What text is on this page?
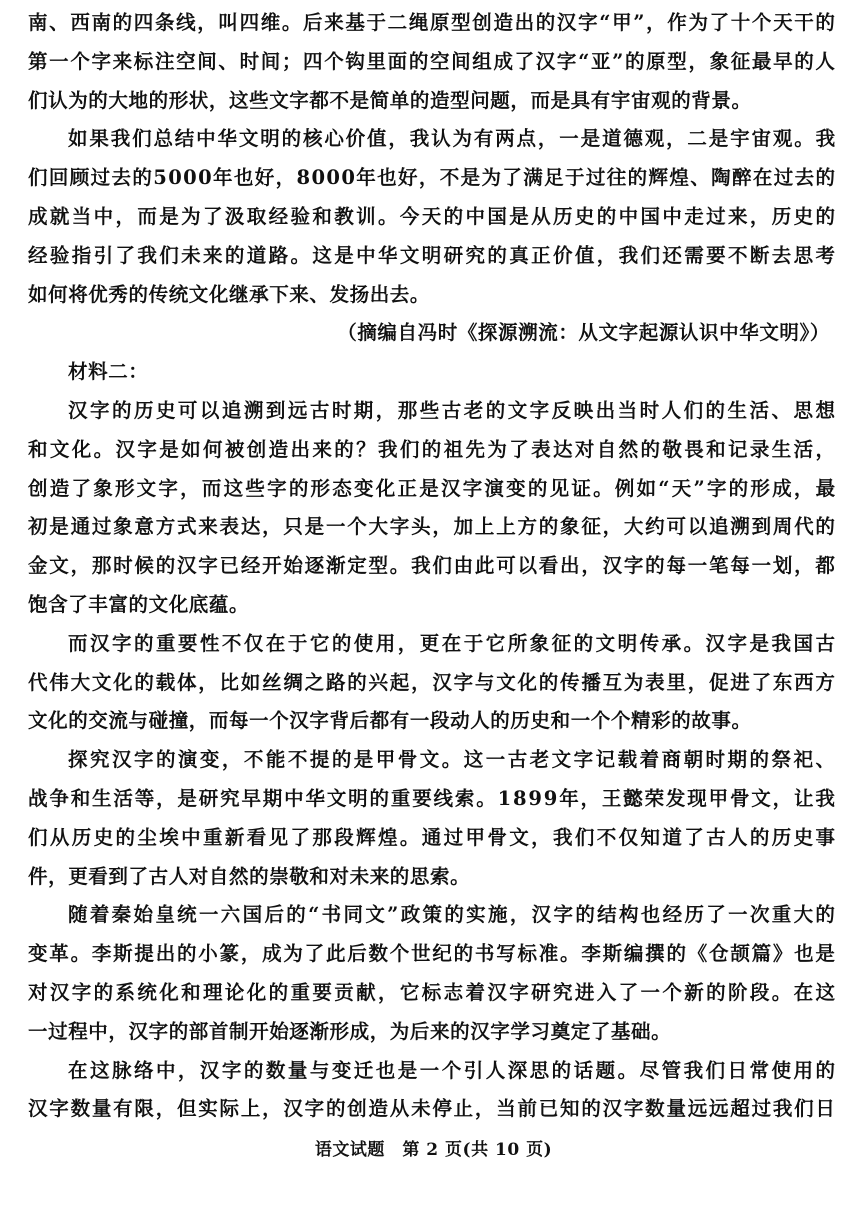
南 、 西 南 的 四 条 线 ， 叫 四 维 。 后 来 基 于 二 绳 原 型 创 造 出 的 汉 字 “ 甲 ” ， 作 为 了 十 个 天 干 的
第 一 个 字 来 标 注 空 间 、 时 间 ； 四 个 钩 里 面 的 空 间 组 成 了 汉 字 “ 亚 ” 的 原 型 ， 象 征 最 早 的 人
们认为的大地的形状，这些文字都不是简单的造型问题，而是具有宇宙观的背景。
如 果 我 们 总 结 中 华 文 明 的 核 心 价 值 ， 我 认 为 有 两 点 ， 一 是 道 德 观 ， 二 是 宇 宙 观 。 我
们 回 顾 过 去 的 5 0 0 0 年 也 好 ， 8 0 0 0 年 也 好 ， 不 是 为 了 满 足 于 过 往 的 辉 煌 、 陶 醉 在 过 去 的
成 就 当 中 ， 而 是 为 了 汲 取 经 验 和 教 训 。 今 天 的 中 国 是 从 历 史 的 中 国 中 走 过 来 ， 历 史 的
经 验 指 引 了 我 们 未 来 的 道 路 。 这 是 中 华 文 明 研 究 的 真 正 价 值 ， 我 们 还 需 要 不 断 去 思 考
如何将优秀的传统文化继承下来、发扬出去。
（摘编自冯时《探源溯流：从文字起源认识中华文明》）
材料二：
汉 字 的 历 史 可 以 追 溯 到 远 古 时 期 ， 那 些 古 老 的 文 字 反 映 出 当 时 人 们 的 生 活 、 思 想
和 文 化 。 汉 字 是 如 何 被 创 造 出 来 的 ？ 我 们 的 祖 先 为 了 表 达 对 自 然 的 敬 畏 和 记 录 生 活 ，
创 造 了 象 形 文 字 ， 而 这 些 字 的 形 态 变 化 正 是 汉 字 演 变 的 见 证 。 例 如 “ 天 ” 字 的 形 成 ， 最
初 是 通 过 象 意 方 式 来 表 达 ， 只 是 一 个 大 字 头 ， 加 上 上 方 的 象 征 ， 大 约 可 以 追 溯 到 周 代 的
金 文 ， 那 时 候 的 汉 字 已 经 开 始 逐 渐 定 型 。 我 们 由 此 可 以 看 出 ， 汉 字 的 每 一 笔 每 一 划 ， 都
饱含了丰富的文化底蕴。
而 汉 字 的 重 要 性 不 仅 在 于 它 的 使 用 ， 更 在 于 它 所 象 征 的 文 明 传 承 。 汉 字 是 我 国 古
代 伟 大 文 化 的 载 体 ， 比 如 丝 绸 之 路 的 兴 起 ， 汉 字 与 文 化 的 传 播 互 为 表 里 ， 促 进 了 东 西 方
文化的交流与碰撞，而每一个汉字背后都有一段动人的历史和一个个精彩的故事。
探 究 汉 字 的 演 变 ， 不 能 不 提 的 是 甲 骨 文 。 这 一 古 老 文 字 记 载 着 商 朝 时 期 的 祭 祀 、
战 争 和 生 活 等 ， 是 研 究 早 期 中 华 文 明 的 重 要 线 索 。 1 8 9 9 年 ， 王 懿 荣 发 现 甲 骨 文 ， 让 我
们 从 历 史 的 尘 埃 中 重 新 看 见 了 那 段 辉 煌 。 通 过 甲 骨 文 ， 我 们 不 仅 知 道 了 古 人 的 历 史 事
件，更看到了古人对自然的崇敬和对未来的思索。
随 着 秦 始 皇 统 一 六 国 后 的 “ 书 同 文 ” 政 策 的 实 施 ， 汉 字 的 结 构 也 经 历 了 一 次 重 大 的
变 革 。 李 斯 提 出 的 小 篆 ， 成 为 了 此 后 数 个 世 纪 的 书 写 标 准 。 李 斯 编 撰 的 《 仓 颉 篇 》 也 是
对 汉 字 的 系 统 化 和 理 论 化 的 重 要 贡 献 ， 它 标 志 着 汉 字 研 究 进 入 了 一 个 新 的 阶 段 。 在 这
一过程中，汉字的部首制开始逐渐形成，为后来的汉字学习奠定了基础。
在 这 脉 络 中 ， 汉 字 的 数 量 与 变 迁 也 是 一 个 引 人 深 思 的 话 题 。 尽 管 我 们 日 常 使 用 的
汉 字 数 量 有 限 ， 但 实 际 上 ， 汉 字 的 创 造 从 未 停 止 ， 当 前 已 知 的 汉 字 数 量 远 远 超 过 我 们 日
语文试题　第 2 页(共 10 页)
